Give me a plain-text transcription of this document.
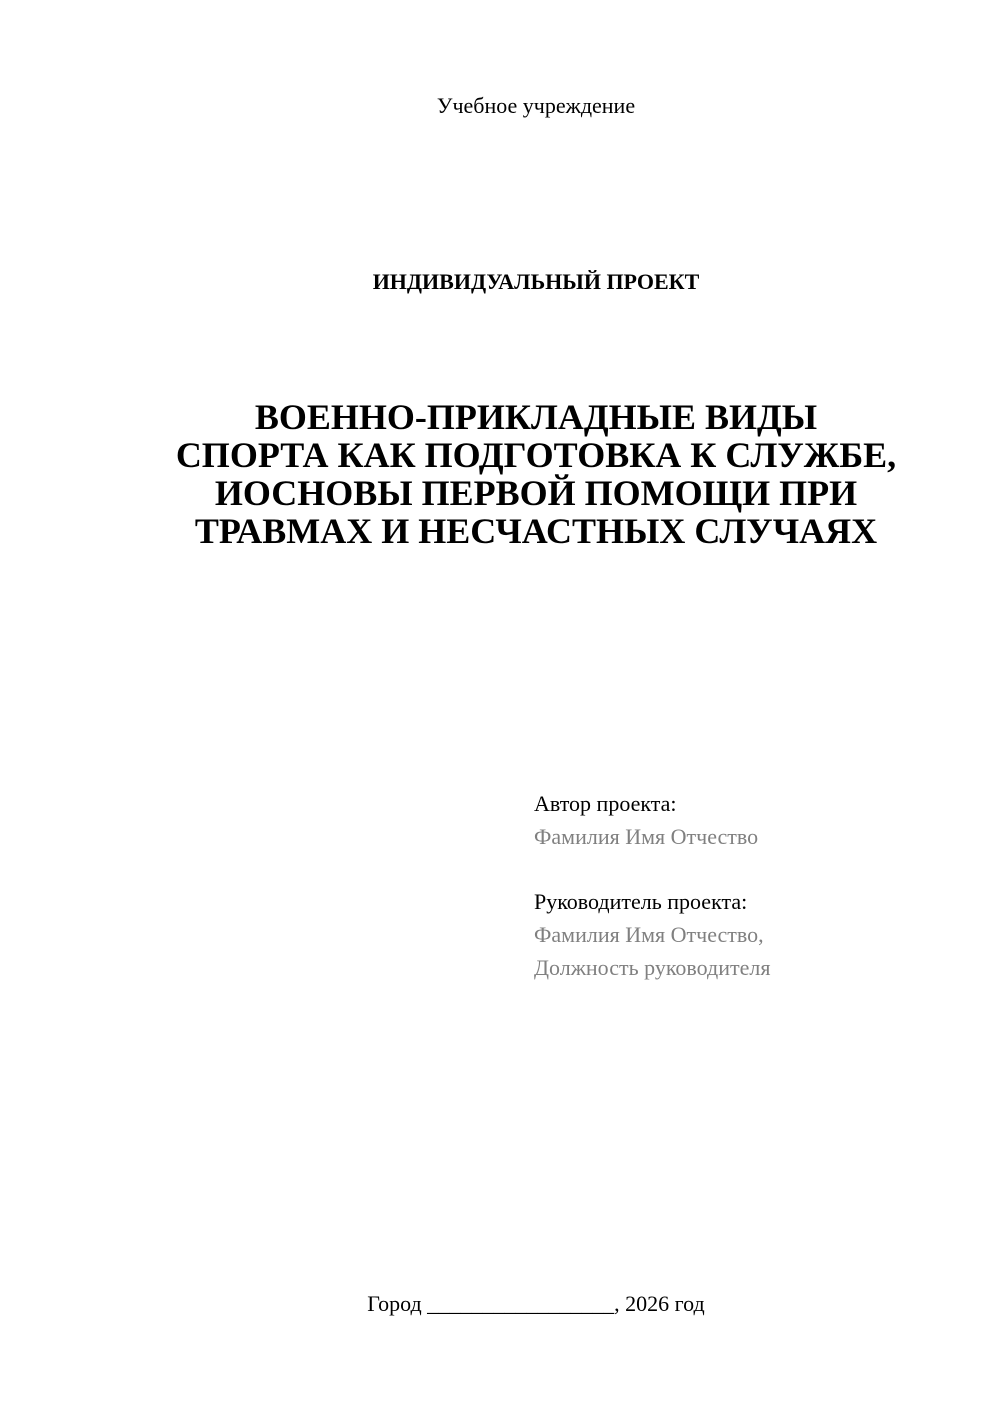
Учебное учреждение
ИНДИВИДУАЛЬНЫЙ ПРОЕКТ
ВОЕННО-ПРИКЛАДНЫЕ ВИДЫ
СПОРТА КАК ПОДГОТОВКА К СЛУЖБЕ,
ИОСНОВЫ ПЕРВОЙ ПОМОЩИ ПРИ
ТРАВМАХ И НЕСЧАСТНЫХ СЛУЧАЯХ
Автор проекта:
Фамилия Имя Отчество
Руководитель проекта:
Фамилия Имя Отчество,
Должность руководителя
Город _________________, 2026 год
